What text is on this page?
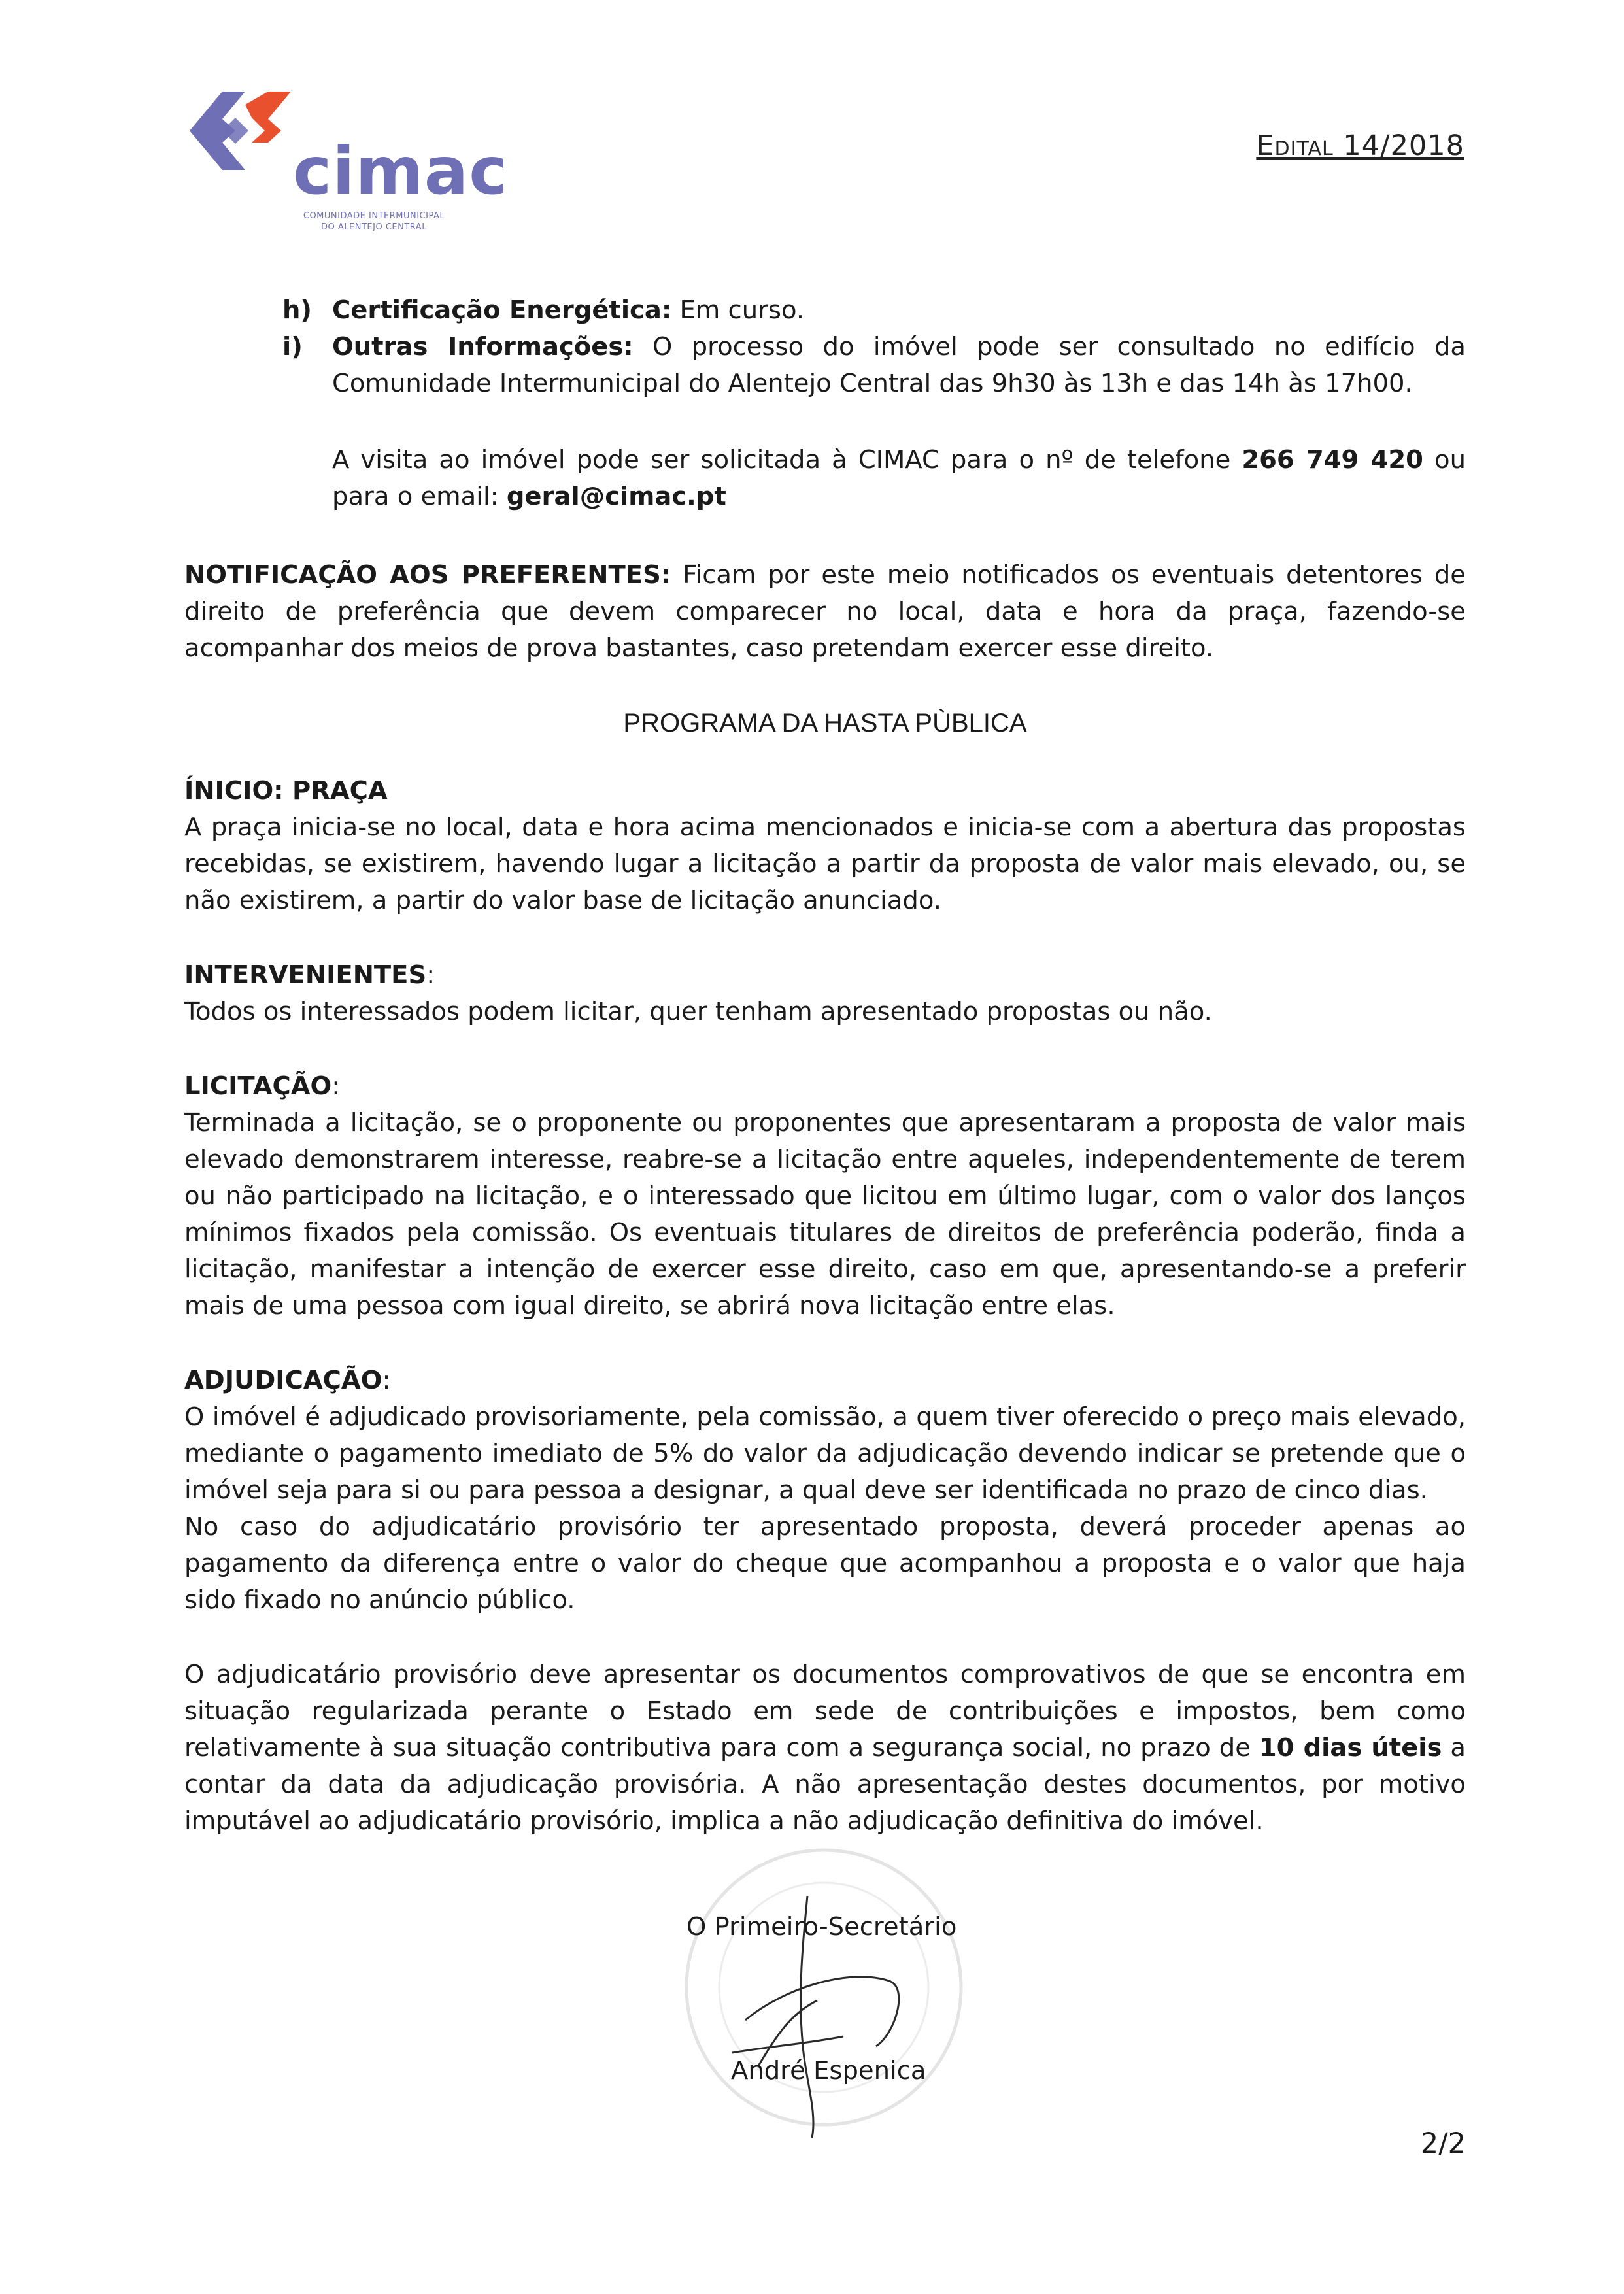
cimac
COMUNIDADE INTERMUNICIPAL
DO ALENTEJO CENTRAL
Edital 14/2018
h) Certificação Energética: Em curso.
i) Outras Informações: O processo do imóvel pode ser consultado no edifício da Comunidade Intermunicipal do Alentejo Central das 9h30 às 13h e das 14h às 17h00.
A visita ao imóvel pode ser solicitada à CIMAC para o nº de telefone 266 749 420 ou para o email: geral@cimac.pt
NOTIFICAÇÃO AOS PREFERENTES: Ficam por este meio notificados os eventuais detentores de direito de preferência que devem comparecer no local, data e hora da praça, fazendo-se acompanhar dos meios de prova bastantes, caso pretendam exercer esse direito.
PROGRAMA DA HASTA PÙBLICA
ÍNICIO: PRAÇA
A praça inicia-se no local, data e hora acima mencionados e inicia-se com a abertura das propostas recebidas, se existirem, havendo lugar a licitação a partir da proposta de valor mais elevado, ou, se não existirem, a partir do valor base de licitação anunciado.
INTERVENIENTES:
Todos os interessados podem licitar, quer tenham apresentado propostas ou não.
LICITAÇÃO:
Terminada a licitação, se o proponente ou proponentes que apresentaram a proposta de valor mais elevado demonstrarem interesse, reabre-se a licitação entre aqueles, independentemente de terem ou não participado na licitação, e o interessado que licitou em último lugar, com o valor dos lanços mínimos fixados pela comissão. Os eventuais titulares de direitos de preferência poderão, finda a licitação, manifestar a intenção de exercer esse direito, caso em que, apresentando-se a preferir mais de uma pessoa com igual direito, se abrirá nova licitação entre elas.
ADJUDICAÇÃO:
O imóvel é adjudicado provisoriamente, pela comissão, a quem tiver oferecido o preço mais elevado, mediante o pagamento imediato de 5% do valor da adjudicação devendo indicar se pretende que o imóvel seja para si ou para pessoa a designar, a qual deve ser identificada no prazo de cinco dias.
No caso do adjudicatário provisório ter apresentado proposta, deverá proceder apenas ao pagamento da diferença entre o valor do cheque que acompanhou a proposta e o valor que haja sido fixado no anúncio público.
O adjudicatário provisório deve apresentar os documentos comprovativos de que se encontra em situação regularizada perante o Estado em sede de contribuições e impostos, bem como relativamente à sua situação contributiva para com a segurança social, no prazo de 10 dias úteis a contar da data da adjudicação provisória. A não apresentação destes documentos, por motivo imputável ao adjudicatário provisório, implica a não adjudicação definitiva do imóvel.
O Primeiro-Secretário
André Espenica
2/2
